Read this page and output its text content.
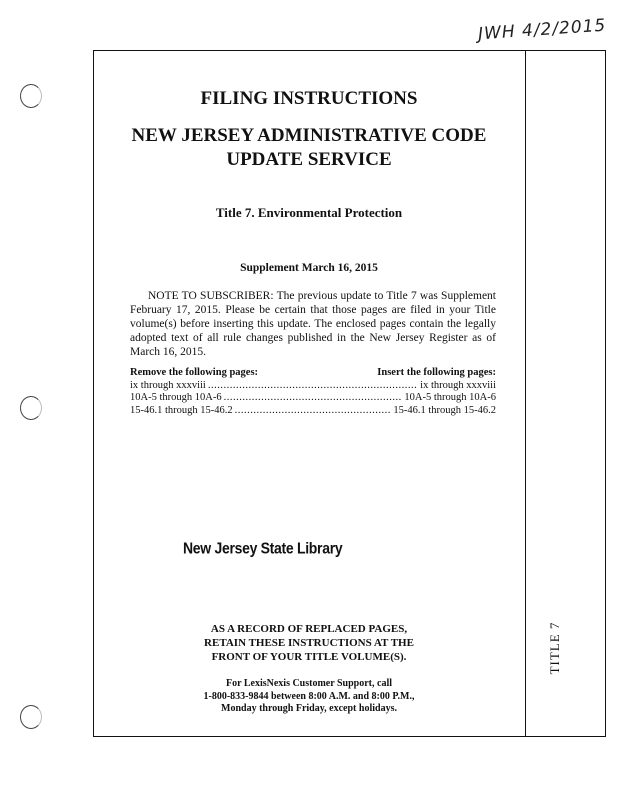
JWH 4/2/2015
FILING INSTRUCTIONS
NEW JERSEY ADMINISTRATIVE CODE
UPDATE SERVICE
Title 7. Environmental Protection
Supplement March 16, 2015
NOTE TO SUBSCRIBER: The previous update to Title 7 was Supplement February 17, 2015. Please be certain that those pages are filed in your Title volume(s) before inserting this update. The enclosed pages contain the legally adopted text of all rule changes published in the New Jersey Register as of March 16, 2015.
Remove the following pages:	Insert the following pages:
ix through xxxviii .....	ix through xxxviii
10A-5 through 10A-6 .....	10A-5 through 10A-6
15-46.1 through 15-46.2 .....	15-46.1 through 15-46.2
New Jersey State Library
AS A RECORD OF REPLACED PAGES,
RETAIN THESE INSTRUCTIONS AT THE
FRONT OF YOUR TITLE VOLUME(S).
For LexisNexis Customer Support, call
1-800-833-9844 between 8:00 A.M. and 8:00 P.M.,
Monday through Friday, except holidays.
TITLE 7
